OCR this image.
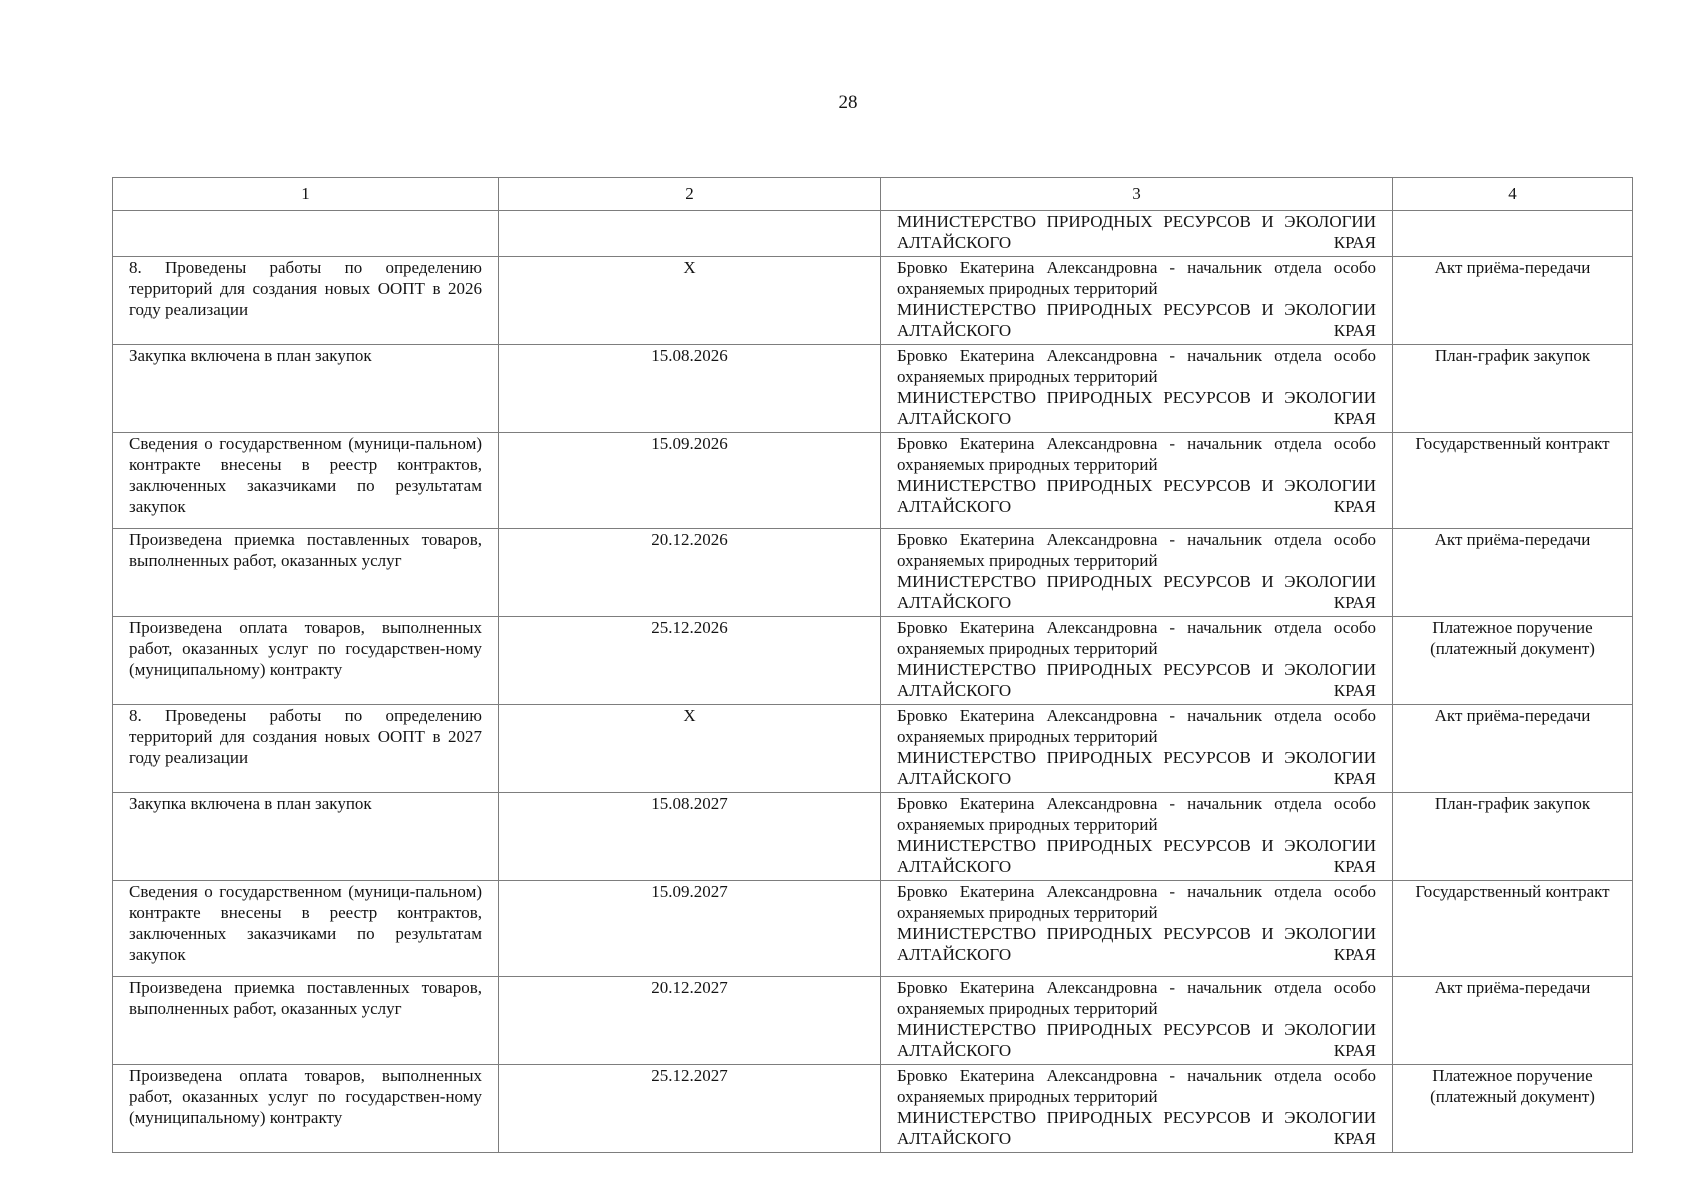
28
1	2	3	4

		МИНИСТЕРСТВО ПРИРОДНЫХ РЕСУРСОВ И ЭКОЛОГИИ АЛТАЙСКОГО КРАЯ	

8. Проведены работы по определению территорий для создания новых ООПТ в 2026 году реализации	X	Бровко Екатерина Александровна - начальник отдела особо охраняемых природных территорий
МИНИСТЕРСТВО ПРИРОДНЫХ РЕСУРСОВ И ЭКОЛОГИИ АЛТАЙСКОГО КРАЯ	Акт приёма-передачи
Закупка включена в план закупок	15.08.2026	Бровко Екатерина Александровна - начальник отдела особо охраняемых природных территорий
МИНИСТЕРСТВО ПРИРОДНЫХ РЕСУРСОВ И ЭКОЛОГИИ АЛТАЙСКОГО КРАЯ	План-график закупок
Сведения о государственном (муници-пальном) контракте внесены в реестр контрактов, заключенных заказчиками по результатам закупок	15.09.2026	Бровко Екатерина Александровна - начальник отдела особо охраняемых природных территорий
МИНИСТЕРСТВО ПРИРОДНЫХ РЕСУРСОВ И ЭКОЛОГИИ АЛТАЙСКОГО КРАЯ	Государственный контракт
Произведена приемка поставленных товаров, выполненных работ, оказанных услуг	20.12.2026	Бровко Екатерина Александровна - начальник отдела особо охраняемых природных территорий
МИНИСТЕРСТВО ПРИРОДНЫХ РЕСУРСОВ И ЭКОЛОГИИ АЛТАЙСКОГО КРАЯ	Акт приёма-передачи
Произведена оплата товаров, выполненных работ, оказанных услуг по государствен-ному (муниципальному) контракту	25.12.2026	Бровко Екатерина Александровна - начальник отдела особо охраняемых природных территорий
МИНИСТЕРСТВО ПРИРОДНЫХ РЕСУРСОВ И ЭКОЛОГИИ АЛТАЙСКОГО КРАЯ	Платежное поручение (платежный документ)
8. Проведены работы по определению территорий для создания новых ООПТ в 2027 году реализации	X	Бровко Екатерина Александровна - начальник отдела особо охраняемых природных территорий
МИНИСТЕРСТВО ПРИРОДНЫХ РЕСУРСОВ И ЭКОЛОГИИ АЛТАЙСКОГО КРАЯ	Акт приёма-передачи
Закупка включена в план закупок	15.08.2027	Бровко Екатерина Александровна - начальник отдела особо охраняемых природных территорий
МИНИСТЕРСТВО ПРИРОДНЫХ РЕСУРСОВ И ЭКОЛОГИИ АЛТАЙСКОГО КРАЯ	План-график закупок
Сведения о государственном (муници-пальном) контракте внесены в реестр контрактов, заключенных заказчиками по результатам закупок	15.09.2027	Бровко Екатерина Александровна - начальник отдела особо охраняемых природных территорий
МИНИСТЕРСТВО ПРИРОДНЫХ РЕСУРСОВ И ЭКОЛОГИИ АЛТАЙСКОГО КРАЯ	Государственный контракт
Произведена приемка поставленных товаров, выполненных работ, оказанных услуг	20.12.2027	Бровко Екатерина Александровна - начальник отдела особо охраняемых природных территорий
МИНИСТЕРСТВО ПРИРОДНЫХ РЕСУРСОВ И ЭКОЛОГИИ АЛТАЙСКОГО КРАЯ	Акт приёма-передачи
Произведена оплата товаров, выполненных работ, оказанных услуг по государствен-ному (муниципальному) контракту	25.12.2027	Бровко Екатерина Александровна - начальник отдела особо охраняемых природных территорий
МИНИСТЕРСТВО ПРИРОДНЫХ РЕСУРСОВ И ЭКОЛОГИИ АЛТАЙСКОГО КРАЯ	Платежное поручение (платежный документ)
